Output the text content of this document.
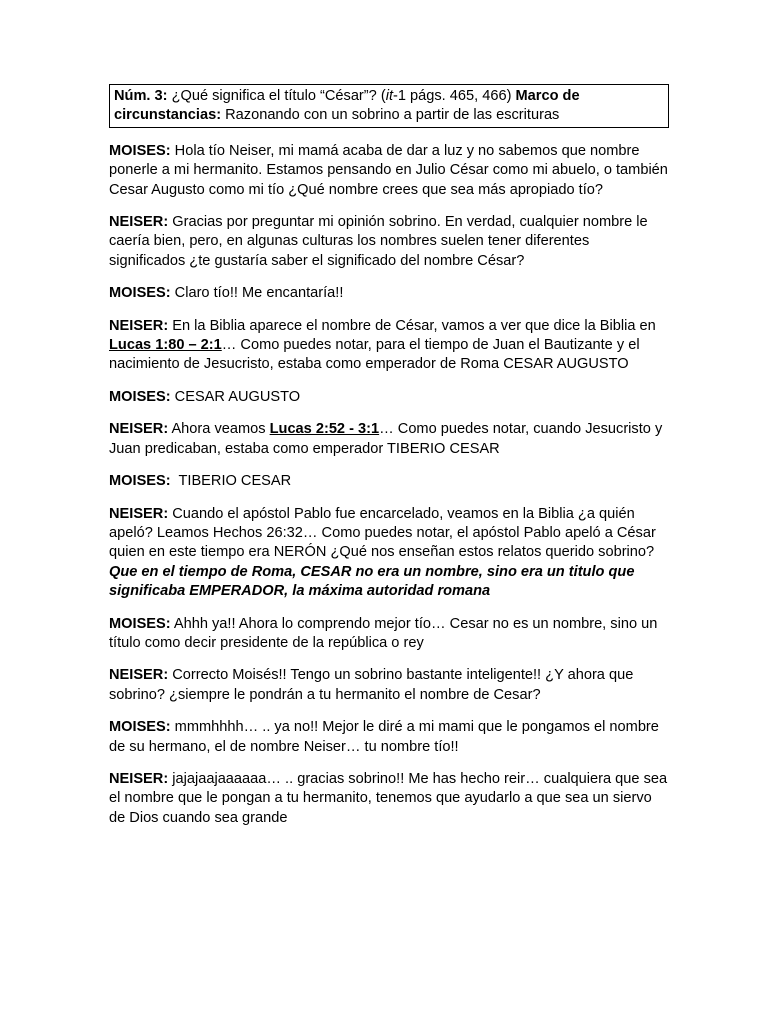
Núm. 3: ¿Qué significa el título “César”? (it-1 págs. 465, 466) Marco de circunstancias: Razonando con un sobrino a partir de las escrituras

MOISES: Hola tío Neiser, mi mamá acaba de dar a luz y no sabemos que nombre ponerle a mi hermanito. Estamos pensando en Julio César como mi abuelo, o también Cesar Augusto como mi tío ¿Qué nombre crees que sea más apropiado tío?

NEISER: Gracias por preguntar mi opinión sobrino. En verdad, cualquier nombre le caería bien, pero, en algunas culturas los nombres suelen tener diferentes significados ¿te gustaría saber el significado del nombre César?

MOISES: Claro tío!! Me encantaría!!

NEISER: En la Biblia aparece el nombre de César, vamos a ver que dice la Biblia en Lucas 1:80 – 2:1… Como puedes notar, para el tiempo de Juan el Bautizante y el nacimiento de Jesucristo, estaba como emperador de Roma CESAR AUGUSTO

MOISES: CESAR AUGUSTO

NEISER: Ahora veamos Lucas 2:52 - 3:1… Como puedes notar, cuando Jesucristo y Juan predicaban, estaba como emperador TIBERIO CESAR

MOISES:  TIBERIO CESAR

NEISER: Cuando el apóstol Pablo fue encarcelado, veamos en la Biblia ¿a quién apeló? Leamos Hechos 26:32… Como puedes notar, el apóstol Pablo apeló a César quien en este tiempo era NERÓN ¿Qué nos enseñan estos relatos querido sobrino? Que en el tiempo de Roma, CESAR no era un nombre, sino era un titulo que significaba EMPERADOR, la máxima autoridad romana

MOISES: Ahhh ya!! Ahora lo comprendo mejor tío… Cesar no es un nombre, sino un título como decir presidente de la república o rey

NEISER: Correcto Moisés!! Tengo un sobrino bastante inteligente!! ¿Y ahora que sobrino? ¿siempre le pondrán a tu hermanito el nombre de Cesar?

MOISES: mmmhhhh… .. ya no!! Mejor le diré a mi mami que le pongamos el nombre de su hermano, el de nombre Neiser… tu nombre tío!!

NEISER: jajajaajaaaaaa… .. gracias sobrino!! Me has hecho reir… cualquiera que sea el nombre que le pongan a tu hermanito, tenemos que ayudarlo a que sea un siervo de Dios cuando sea grande
